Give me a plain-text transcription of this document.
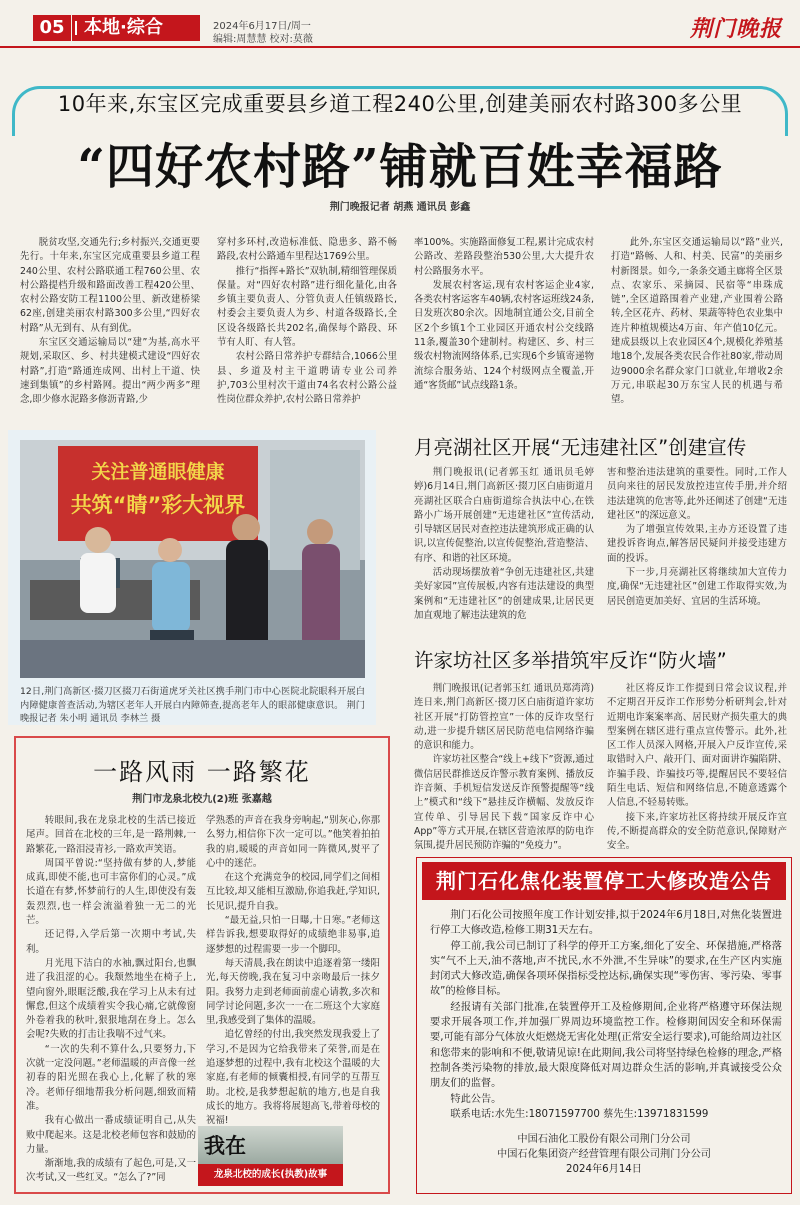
05	本地·综合	2024年6月17日/周一
编辑:周慧慧 校对:莫薇	荆门晚报
10年来,东宝区完成重要县乡道工程240公里,创建美丽农村路300多公里
“四好农村路”铺就百姓幸福路
荆门晚报记者 胡燕 通讯员 彭鑫

脱贫攻坚,交通先行;乡村振兴,交通更要先行。十年来,东宝区完成重要县乡道工程240公里、农村公路联通工程760公里、农村公路提档升级和路面改善工程420公里、农村公路安防工程1100公里、新改建桥梁62座,创建美丽农村路300多公里,“四好农村路”从无到有、从有到优。

东宝区交通运输局以“建”为基,高水平规划,采取区、乡、村共建模式建设“四好农村路”,打造“路通连成网、出村上干道、快速到集镇”的乡村路网。提出“两少两多”理念,即少修水泥路多修沥青路,少

穿村多环村,改造标准低、隐患多、路不畅路段,农村公路通车里程达1769公里。

推行“指挥+路长”双轨制,精细管理保质保量。对“四好农村路”进行细化量化,由各乡镇主要负责人、分管负责人任镇级路长,村委会主要负责人为乡、村道各级路长,全区设各级路长共202名,确保每个路段、环节有人盯、有人管。

农村公路日常养护专群结合,1066公里县、乡道及村主干道聘请专业公司养护,703公里村次干道由74名农村公路公益性岗位群众养护,农村公路日常养护

率100%。实施路面修复工程,累计完成农村公路改、差路段整治530公里,大大提升农村公路服务水平。

发展农村客运,现有农村客运企业4家,各类农村客运客车40辆,农村客运班线24条,日发班次80余次。因地制宜通公交,目前全区2个乡镇1个工业园区开通农村公交线路11条,覆盖30个建制村。构建区、乡、村三级农村物流网络体系,已实现6个乡镇寄递物流综合服务站、124个村级网点全覆盖,开通“客货邮”试点线路1条。

此外,东宝区交通运输局以“路”业兴,打造“路畅、人和、村美、民富”的美丽乡村新图景。如今,一条条交通主廊将全区景点、农家乐、采摘园、民宿等“串珠成链”,全区道路围着产业建,产业围着公路转,全区花卉、药材、果蔬等特色农业集中连片种植规模达4万亩、年产值10亿元。建成县级以上农业园区4个,规模化养殖基地18个,发展各类农民合作社80家,带动周边9000余名群众家门口就业,年增收2余万元,串联起30万东宝人民的机遇与希望。

关注普通眼健康
共筑“睛”彩大视界
12日,荆门高新区·掇刀区掇刀石街道虎牙关社区携手荆门市中心医院北院眼科开展白内障健康普查活动,为辖区老年人开展白内障筛查,提高老年人的眼部健康意识。 荆门晚报记者 朱小明 通讯员 李林兰 摄
月亮湖社区开展“无违建社区”创建宣传

荆门晚报讯(记者郭玉红 通讯员毛婷婷)6月14日,荆门高新区·掇刀区白庙街道月亮湖社区联合白庙街道综合执法中心,在铁路小广场开展创建“无违建社区”宣传活动,引导辖区居民对查控违法建筑形成正确的认识,以宣传促整治,以宣传促整治,营造整洁、有序、和谐的社区环境。

活动现场摆放着“争创无违建社区,共建美好家园”宣传展板,内容有违法建设的典型案例和“无违建社区”的创建成果,让居民更加直观地了解违法建筑的危

害和整治违法建筑的重要性。同时,工作人员向来往的居民发放控违宣传手册,并介绍违法建筑的危害等,此外还阐述了创建“无违建社区”的深远意义。

为了增强宣传效果,主办方还设置了违建投诉咨询点,解答居民疑问并接受违建方面的投诉。

下一步,月亮湖社区将继续加大宣传力度,确保“无违建社区”创建工作取得实效,为居民创造更加美好、宜居的生活环境。

许家坊社区多举措筑牢反诈“防火墙”

荆门晚报讯(记者郭玉红 通讯员郑湾湾)连日来,荆门高新区·掇刀区白庙街道许家坊社区开展“打防管控宣”一体的反诈攻坚行动,进一步提升辖区居民防范电信网络诈骗的意识和能力。

许家坊社区整合“线上+线下”资源,通过微信居民群推送反诈警示教育案例、播放反诈音频、手机短信发送反诈预警提醒等“线上”模式和“线下”悬挂反诈横幅、发放反诈宣传单、引导居民下载“国家反诈中心App”等方式开展,在辖区营造浓厚的防电诈氛围,提升居民预防诈骗的“免疫力”。

社区将反诈工作提到日常会议议程,并不定期召开反诈工作形势分析研判会,针对近期电诈案案率高、居民财产损失重大的典型案例在辖区进行重点宣传警示。此外,社区工作人员深入网格,开展入户反诈宣传,采取错时入户、敲开门、面对面讲诈骗陷阱、诈骗手段、诈骗技巧等,提醒居民不要轻信陌生电话、短信和网络信息,不随意透露个人信息,不轻易转账。

接下来,许家坊社区将持续开展反诈宣传,不断提高群众的安全防范意识,保障财产安全。

一路风雨 一路繁花
荆门市龙泉北校九(2)班 张嘉越

转眼间,我在龙泉北校的生活已接近尾声。回首在北校的三年,是一路荆棘,一路繁花,一路泪浸青衫,一路欢声笑语。

周国平曾说:“坚持做有梦的人,梦能成真,即使不能,也可丰富你们的心灵。”成长道在有梦,怀梦前行的人生,即使没有轰轰烈烈,也一样会流溢着独一无二的光芒。

还记得,入学后第一次期中考试,失利。

月光甩下洁白的水袖,飘过阳台,也飘进了我沮涩的心。我颓然地坐在椅子上,望向窗外,眼眶泛酸,我在学习上从未有过懈怠,但这个成绩着实令我心痛,它就像窗外卷着我的秋叶,狠狠地刮在身上。怎么会呢?失败的打击让我喘不过气来。

“一次的失利不算什么,只要努力,下次就一定没问题。”老师温暖的声音像一丝初春的阳光照在我心上,化解了秋的寒冷。老师仔细地帮我分析问题,细致而精准。

我有心做出一番成绩证明自己,从失败中爬起来。这是北校老师包容和鼓励的力量。

渐渐地,我的成绩有了起色,可是,又一次考试,又一些红叉。“怎么了?”同

学熟悉的声音在我身旁响起,“别灰心,你那么努力,相信你下次一定可以。”他笑着拍拍我的肩,暖暖的声音如同一阵微风,熨平了心中的迷茫。

在这个充满竞争的校园,同学们之间相互比较,却又能相互激励,你追我赶,学知识,长见识,提升自我。

“最无益,只怕一日曝,十日寒。”老师这样告诉我,想要取得好的成绩绝非易事,追逐梦想的过程需要一步一个脚印。

每天清晨,我在朗读中追逐着第一缕阳光,每天傍晚,我在复习中亲吻最后一抹夕阳。我努力走到老师面前虚心请教,多次和同学讨论问题,多次一一在二班这个大家庭里,我感受到了集体的温暖。

追忆曾经的付出,我突然发现我爱上了学习,不是因为它给我带来了荣誉,而是在追逐梦想的过程中,我有北校这个温暖的大家庭,有老师的倾囊相授,有同学的互帮互助。北校,是我梦想起航的地方,也是自我成长的地方。我将将展翅高飞,带着母校的祝福!

我在
龙泉北校的成长(执教)故事
荆门石化焦化装置停工大修改造公告

荆门石化公司按照年度工作计划安排,拟于2024年6月18日,对焦化装置进行停工大修改造,检修工期31天左右。

停工前,我公司已制订了科学的停开工方案,细化了安全、环保措施,严格落实“气不上天,油不落地,声不扰民,水不外泄,不生异味”的要求,在生产区内实施封闭式大修改造,确保各项环保指标受控达标,确保实现“零伤害、零污染、零事故”的检修目标。

经报请有关部门批准,在装置停开工及检修期间,企业将严格遵守环保法规要求开展各项工作,并加强厂界周边环境监控工作。检修期间因安全和环保需要,可能有部分气体放火炬燃烧无害化处理(正常安全运行要求),可能给周边社区和您带来的影响和不便,敬请见谅!在此期间,我公司将坚持绿色检修的理念,严格控制各类污染物的排放,最大限度降低对周边群众生活的影响,并真诚接受公众朋友们的监督。

特此公告。

联系电话:水先生:18071597700 蔡先生:13971831599

中国石油化工股份有限公司荆门分公司
中国石化集团资产经营管理有限公司荆门分公司
2024年6月14日
